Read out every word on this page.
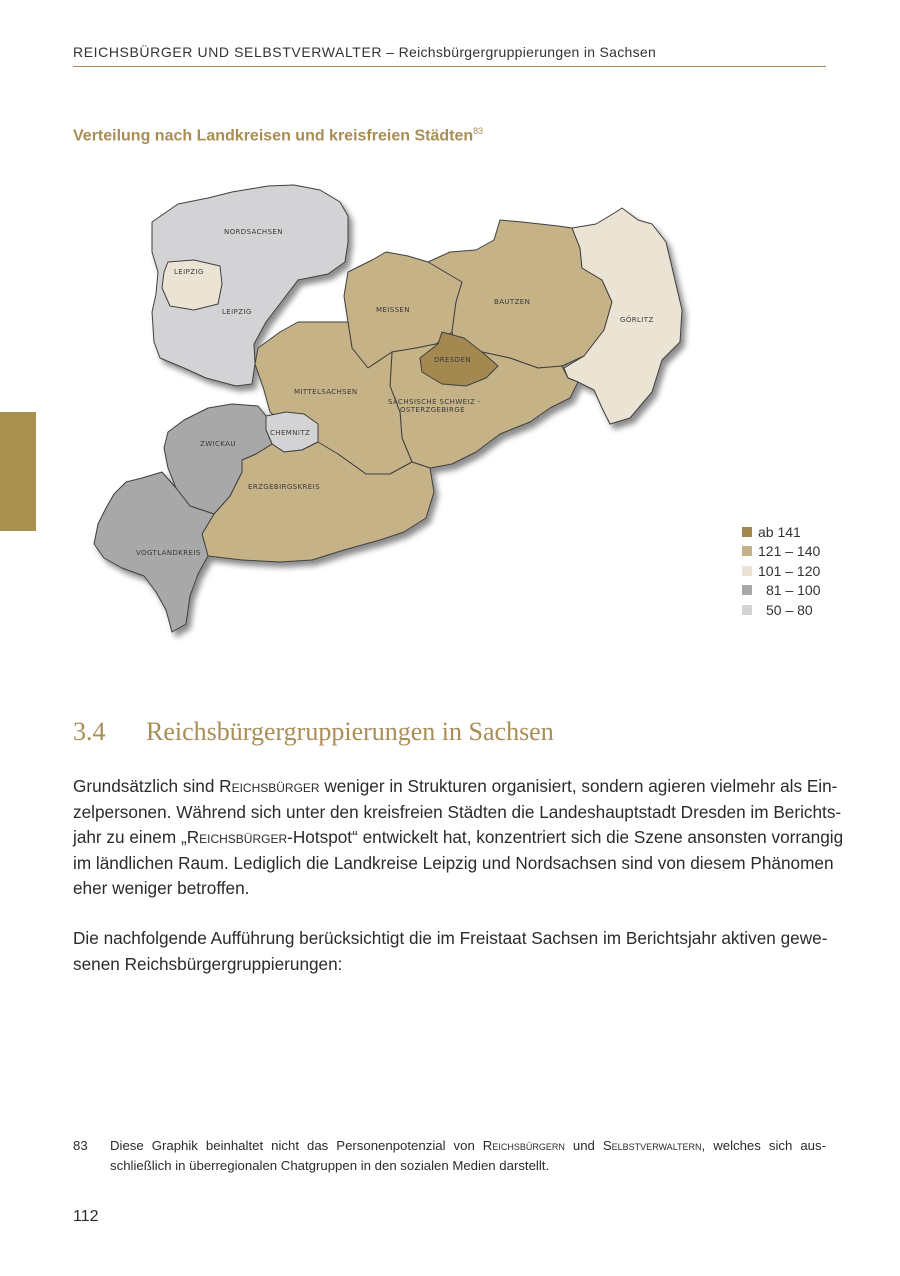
REICHSBÜRGER UND SELBSTVERWALTER – Reichsbürgergruppierungen in Sachsen
Verteilung nach Landkreisen und kreisfreien Städten$^{83}$
NORDSACHSEN
LEIPZIG
LEIPZIG	MEISSEN
BAUTZEN
GÖRLITZ
DRESDEN
MITTELSACHSEN
SÄCHSISCHE SCHWEIZ -
OSTERZGEBIRGE
CHEMNITZ
ZWICKAU
ERZGEBIRGSKREIS
VOGTLANDKREIS
ab 141
121 – 140
101 – 120
81 – 100
50 – 80
3.4 Reichsbürgergruppierungen in Sachsen
Grundsätzlich sind Reichsbürger weniger in Strukturen organisiert, sondern agieren vielmehr als Ein-
zelpersonen. Während sich unter den kreisfreien Städten die Landeshauptstadt Dresden im Berichts-
jahr zu einem „Reichsbürger-Hotspot“ entwickelt hat, konzentriert sich die Szene ansonsten vorrangig
im ländlichen Raum. Lediglich die Landkreise Leipzig und Nordsachsen sind von diesem Phänomen
eher weniger betroffen.
Die nachfolgende Aufführung berücksichtigt die im Freistaat Sachsen im Berichtsjahr aktiven gewe-
senen Reichsbürgergruppierungen:
83 Diese Graphik beinhaltet nicht das Personenpotenzial von Reichsbürgern und Selbstverwaltern, welches sich aus-
schließlich in überregionalen Chatgruppen in den sozialen Medien darstellt.
112
